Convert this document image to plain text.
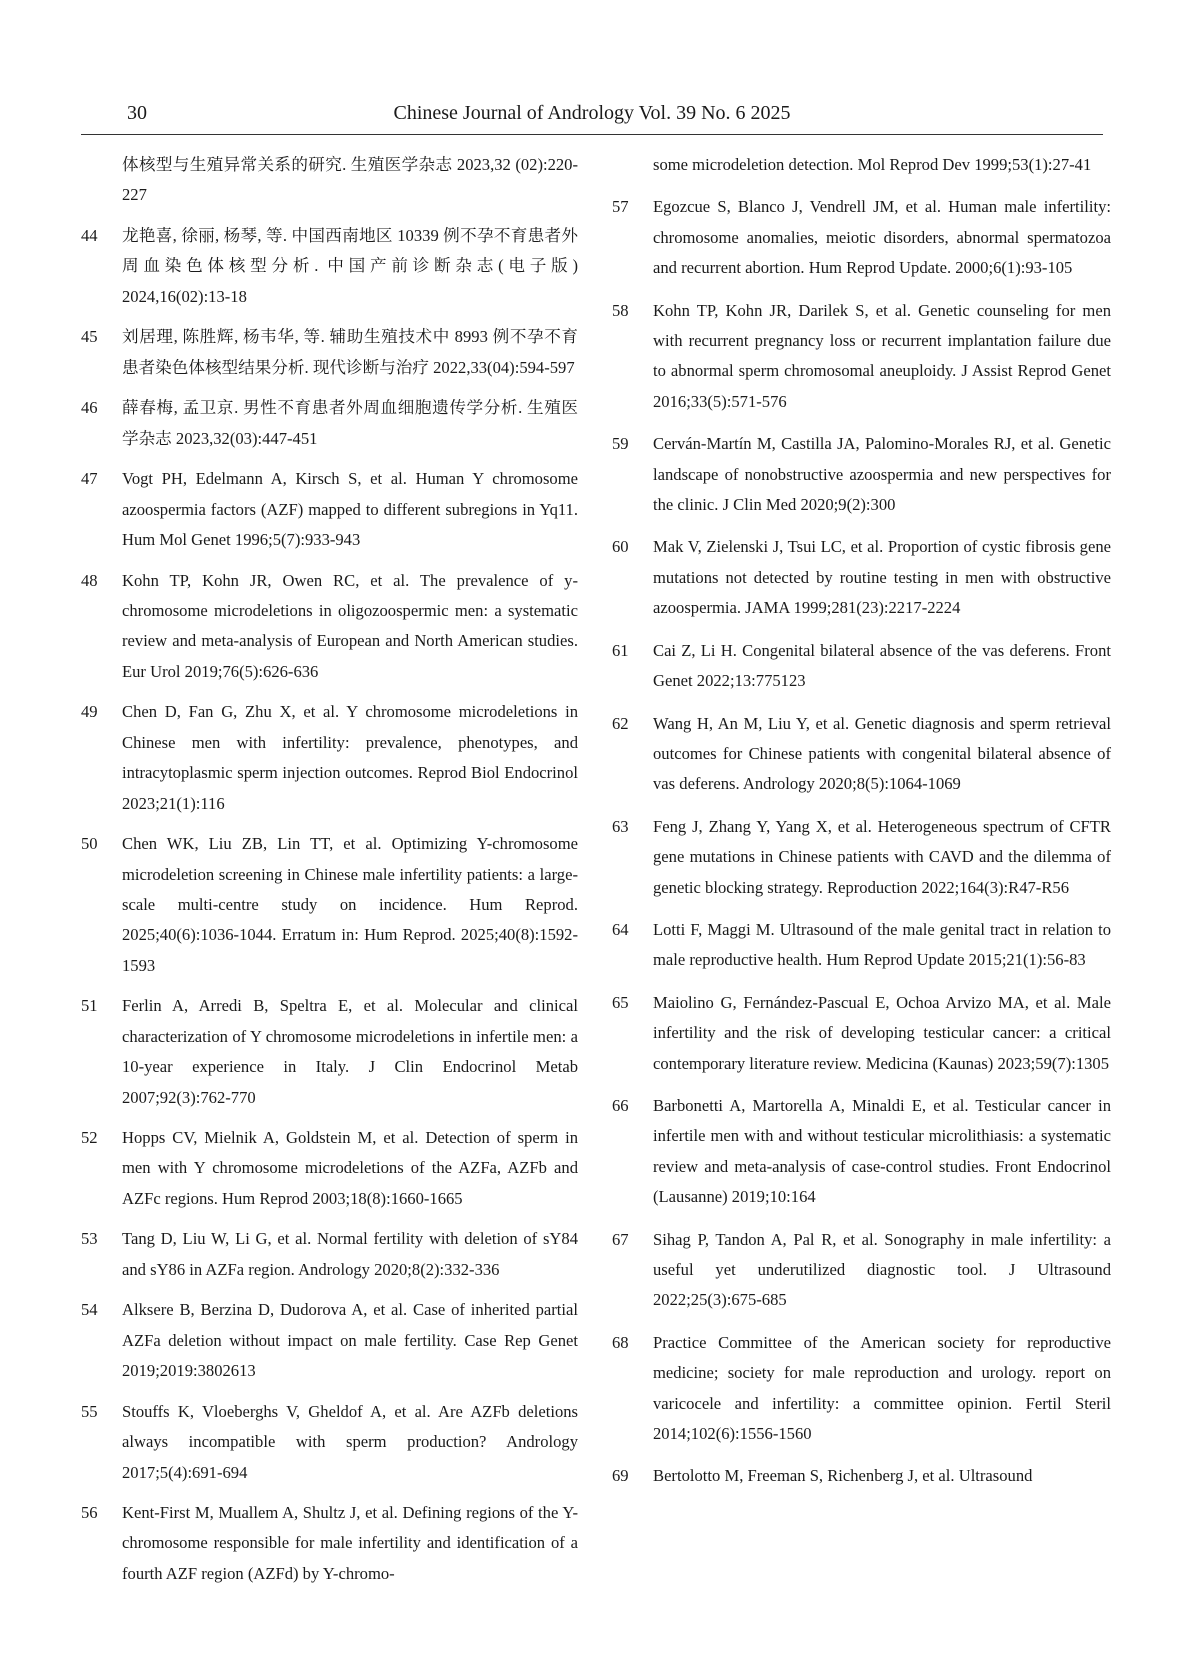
30	Chinese Journal of Andrology Vol. 39 No. 6 2025
体核型与生殖异常关系的研究. 生殖医学杂志 2023,32 (02):220-227
44 龙艳喜, 徐丽, 杨琴, 等. 中国西南地区 10339 例不孕不育患者外周血染色体核型分析. 中国产前诊断杂志(电子版) 2024,16(02):13-18
45 刘居理, 陈胜辉, 杨韦华, 等. 辅助生殖技术中 8993 例不孕不育患者染色体核型结果分析. 现代诊断与治疗 2022,33(04):594-597
46 薛春梅, 孟卫京. 男性不育患者外周血细胞遗传学分析. 生殖医学杂志 2023,32(03):447-451
47 Vogt PH, Edelmann A, Kirsch S, et al. Human Y chromosome azoospermia factors (AZF) mapped to different subregions in Yq11. Hum Mol Genet 1996;5(7):933-943
48 Kohn TP, Kohn JR, Owen RC, et al. The prevalence of y-chromosome microdeletions in oligozoospermic men: a systematic review and meta-analysis of European and North American studies. Eur Urol 2019;76(5):626-636
49 Chen D, Fan G, Zhu X, et al. Y chromosome microdeletions in Chinese men with infertility: prevalence, phenotypes, and intracytoplasmic sperm injection outcomes. Reprod Biol Endocrinol 2023;21(1):116
50 Chen WK, Liu ZB, Lin TT, et al. Optimizing Y-chromosome microdeletion screening in Chinese male infertility patients: a large-scale multi-centre study on incidence. Hum Reprod. 2025;40(6):1036-1044. Erratum in: Hum Reprod. 2025;40(8):1592-1593
51 Ferlin A, Arredi B, Speltra E, et al. Molecular and clinical characterization of Y chromosome microdeletions in infertile men: a 10-year experience in Italy. J Clin Endocrinol Metab 2007;92(3):762-770
52 Hopps CV, Mielnik A, Goldstein M, et al. Detection of sperm in men with Y chromosome microdeletions of the AZFa, AZFb and AZFc regions. Hum Reprod 2003;18(8):1660-1665
53 Tang D, Liu W, Li G, et al. Normal fertility with deletion of sY84 and sY86 in AZFa region. Andrology 2020;8(2):332-336
54 Alksere B, Berzina D, Dudorova A, et al. Case of inherited partial AZFa deletion without impact on male fertility. Case Rep Genet 2019;2019:3802613
55 Stouffs K, Vloeberghs V, Gheldof A, et al. Are AZFb deletions always incompatible with sperm production? Andrology 2017;5(4):691-694
56 Kent-First M, Muallem A, Shultz J, et al. Defining regions of the Y-chromosome responsible for male infertility and identification of a fourth AZF region (AZFd) by Y-chromo-
some microdeletion detection. Mol Reprod Dev 1999;53(1):27-41
57 Egozcue S, Blanco J, Vendrell JM, et al. Human male infertility: chromosome anomalies, meiotic disorders, abnormal spermatozoa and recurrent abortion. Hum Reprod Update. 2000;6(1):93-105
58 Kohn TP, Kohn JR, Darilek S, et al. Genetic counseling for men with recurrent pregnancy loss or recurrent implantation failure due to abnormal sperm chromosomal aneuploidy. J Assist Reprod Genet 2016;33(5):571-576
59 Cerván-Martín M, Castilla JA, Palomino-Morales RJ, et al. Genetic landscape of nonobstructive azoospermia and new perspectives for the clinic. J Clin Med 2020;9(2):300
60 Mak V, Zielenski J, Tsui LC, et al. Proportion of cystic fibrosis gene mutations not detected by routine testing in men with obstructive azoospermia. JAMA 1999;281(23):2217-2224
61 Cai Z, Li H. Congenital bilateral absence of the vas deferens. Front Genet 2022;13:775123
62 Wang H, An M, Liu Y, et al. Genetic diagnosis and sperm retrieval outcomes for Chinese patients with congenital bilateral absence of vas deferens. Andrology 2020;8(5):1064-1069
63 Feng J, Zhang Y, Yang X, et al. Heterogeneous spectrum of CFTR gene mutations in Chinese patients with CAVD and the dilemma of genetic blocking strategy. Reproduction 2022;164(3):R47-R56
64 Lotti F, Maggi M. Ultrasound of the male genital tract in relation to male reproductive health. Hum Reprod Update 2015;21(1):56-83
65 Maiolino G, Fernández-Pascual E, Ochoa Arvizo MA, et al. Male infertility and the risk of developing testicular cancer: a critical contemporary literature review. Medicina (Kaunas) 2023;59(7):1305
66 Barbonetti A, Martorella A, Minaldi E, et al. Testicular cancer in infertile men with and without testicular microlithiasis: a systematic review and meta-analysis of case-control studies. Front Endocrinol (Lausanne) 2019;10:164
67 Sihag P, Tandon A, Pal R, et al. Sonography in male infertility: a useful yet underutilized diagnostic tool. J Ultrasound 2022;25(3):675-685
68 Practice Committee of the American society for reproductive medicine; society for male reproduction and urology. report on varicocele and infertility: a committee opinion. Fertil Steril 2014;102(6):1556-1560
69 Bertolotto M, Freeman S, Richenberg J, et al. Ultrasound
